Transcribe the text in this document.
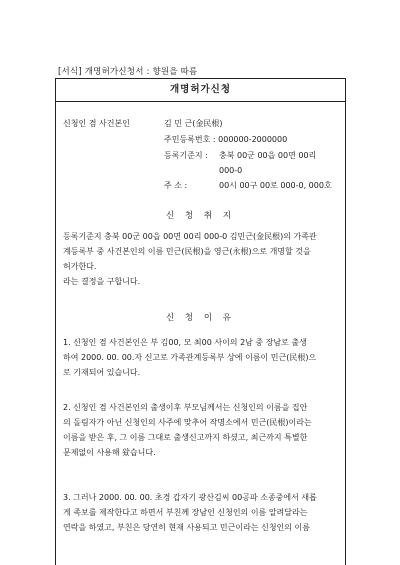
[서식] 개명허가신청서 : 향원을 따름
개명허가신청
신청인 겸 사건본인	김 민 근(金民根)
주민등록번호 : 000000-2000000
등록기준지 : 충북 00군 00읍 00면 00리
000-0
주 소 :	00시 00구 00로 000-0, 000호
신 청 취 지
등록기준지 충북 00군 00읍 00면 00리 000-0 김민근(金民根)의 가족관
계등록부 중 사건본인의 이름 민근(民根)을 영근(永根)으로 개명할 것을
허가한다.
라는 결정을 구합니다.
신 청 이 유
1. 신청인 겸 사건본인은 부 김00, 모 최00 사이의 2남 중 장남로 출생
하여 2000. 00. 00.자 신고로 가족관계등록부 상에 이름이 민근(民根)으
로 기재되어 있습니다.
2. 신청인 겸 사건본인의 출생이후 부모님께서는 신청인의 이름을 집안
의 돌림자가 아닌 신청인의 사주에 맞추어 작명소에서 민근(民根)이라는
이름을 받은 후, 그 이름 그대로 출생신고까지 하셨고, 최근까지 특별한
문제없이 사용해 왔습니다.
3. 그러나 2000. 00. 00. 초경 갑자기 광산김씨 00공파 소종중에서 새롭
게 족보를 제작한다고 하면서 부친께 장남인 신청인의 이름 알려달라는
연락을 하였고, 부친은 당연히 현재 사용되고 민근이라는 신청인의 이름
